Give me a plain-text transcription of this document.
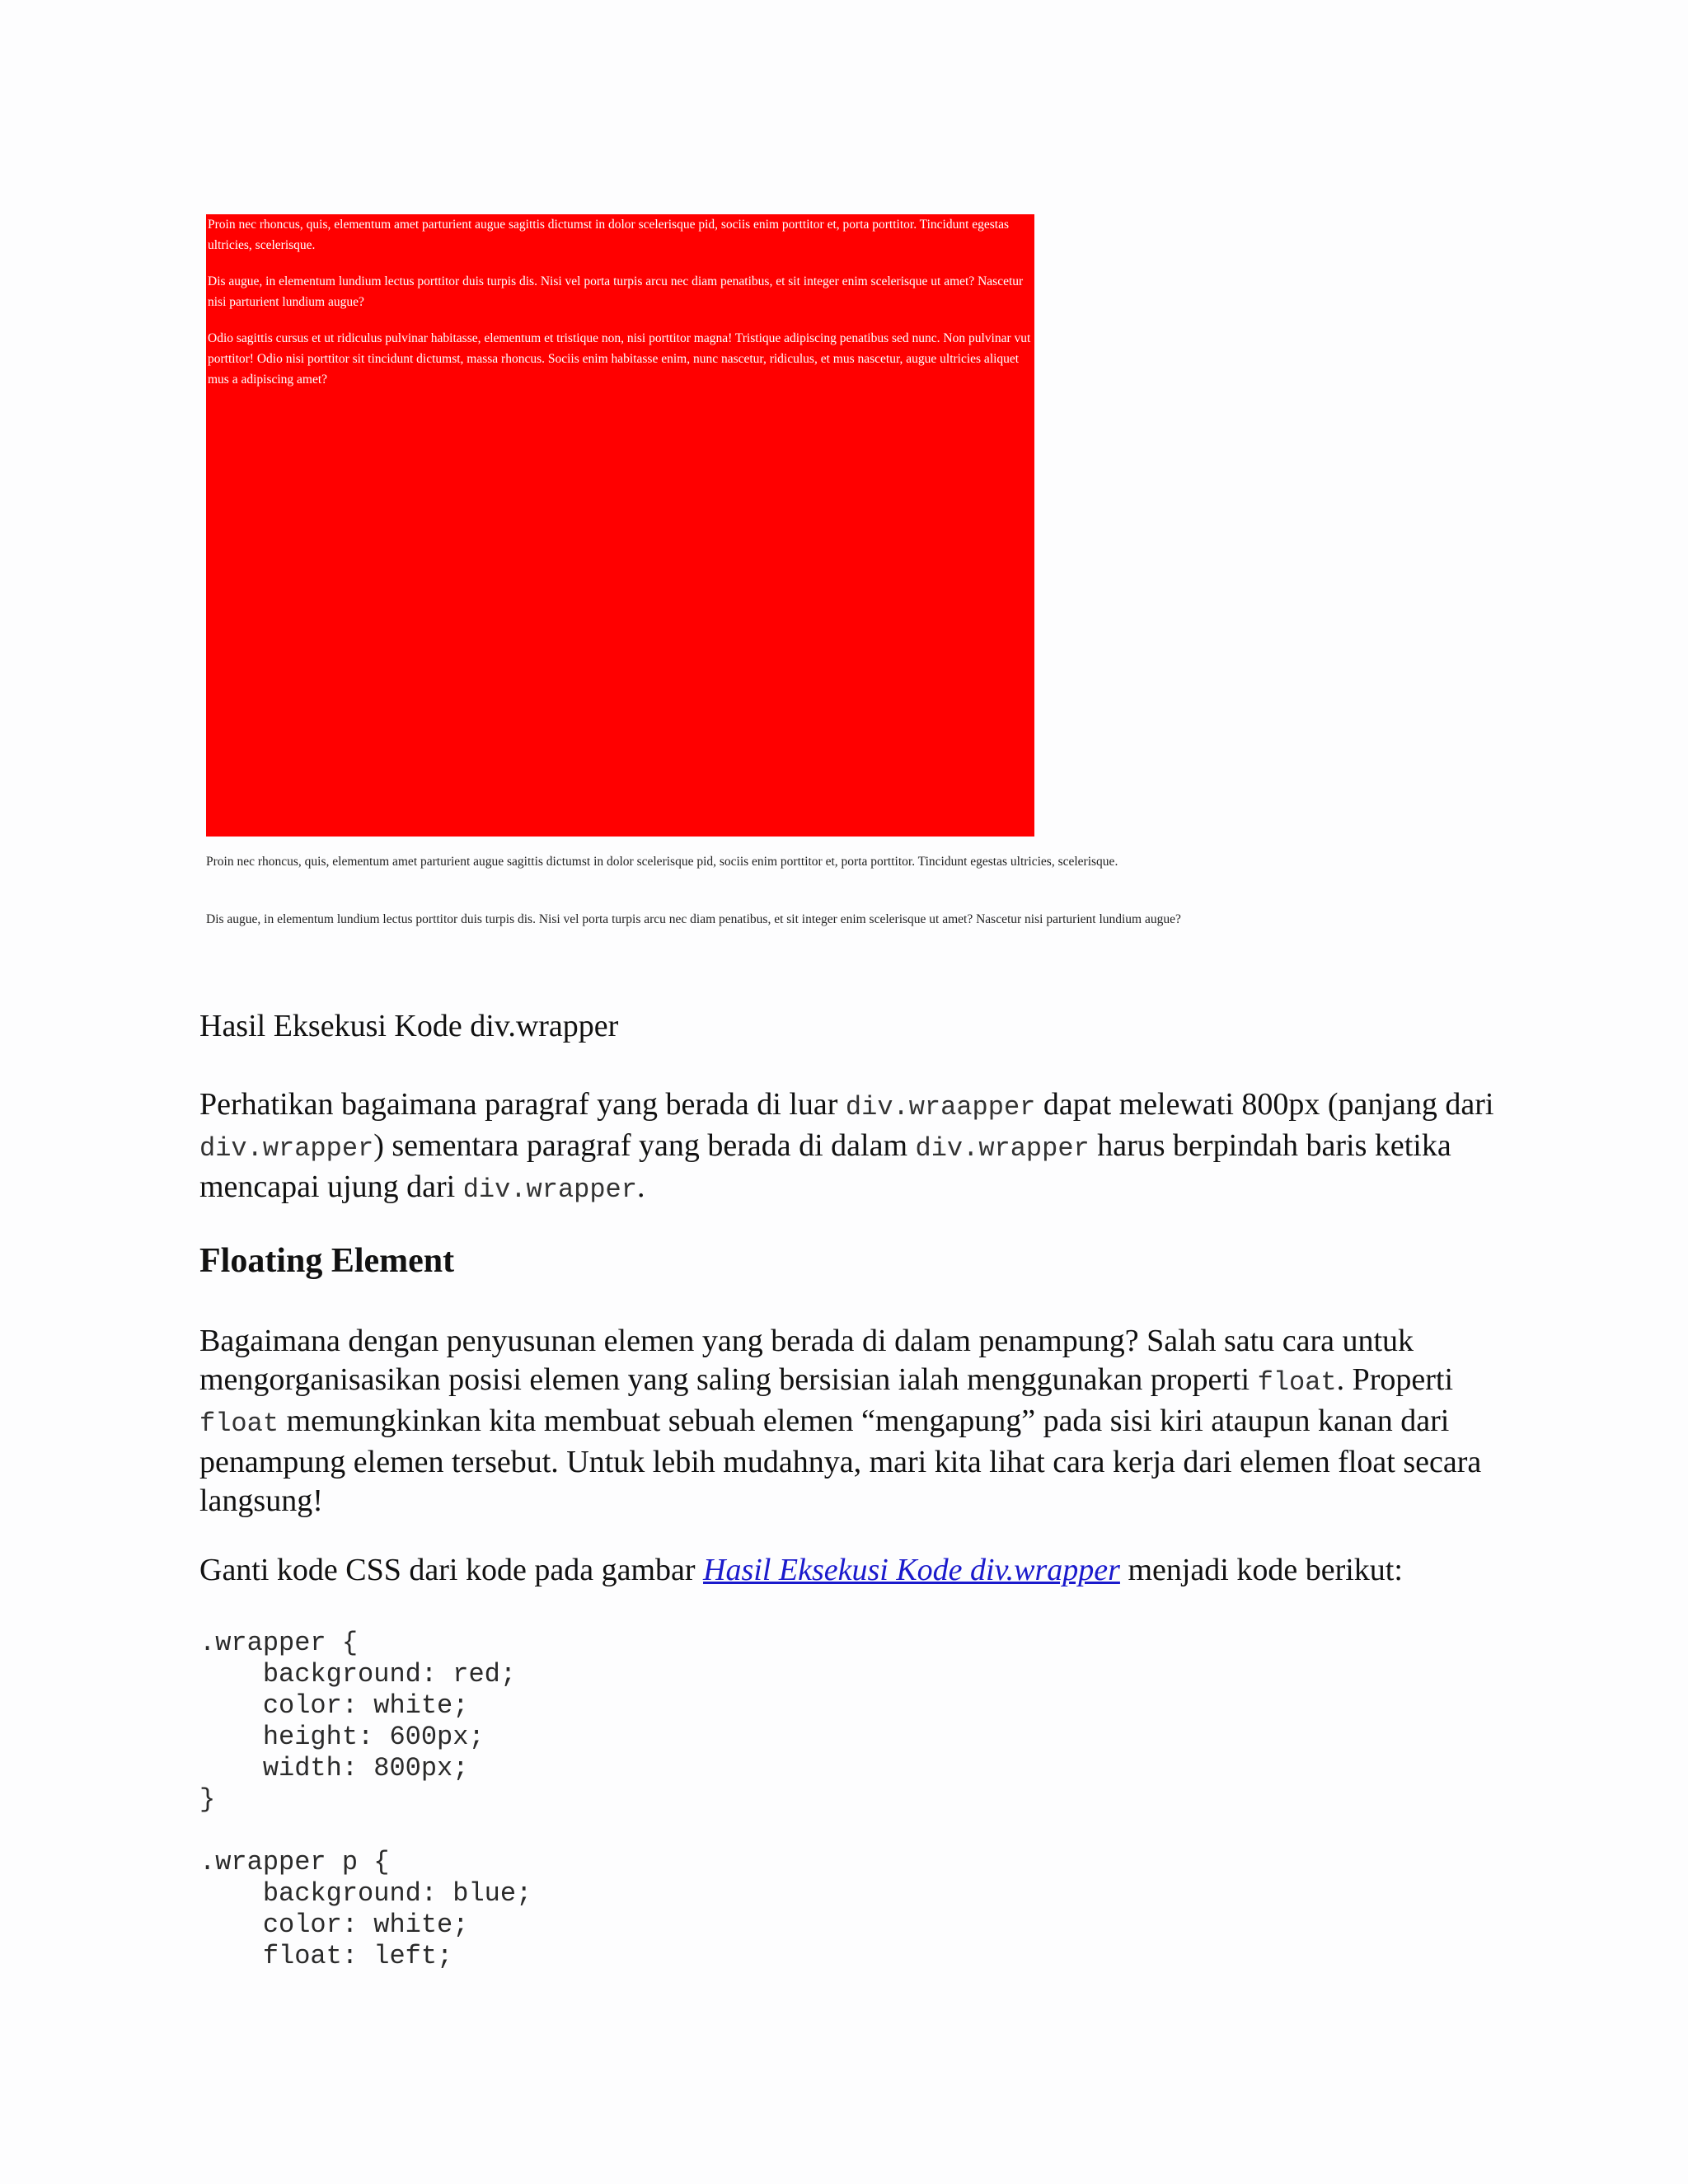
Proin nec rhoncus, quis, elementum amet parturient augue sagittis dictumst in dolor scelerisque pid, sociis enim porttitor et, porta porttitor. Tincidunt egestas ultricies, scelerisque.

Dis augue, in elementum lundium lectus porttitor duis turpis dis. Nisi vel porta turpis arcu nec diam penatibus, et sit integer enim scelerisque ut amet? Nascetur nisi parturient lundium augue?

Odio sagittis cursus et ut ridiculus pulvinar habitasse, elementum et tristique non, nisi porttitor magna! Tristique adipiscing penatibus sed nunc. Non pulvinar vut porttitor! Odio nisi porttitor sit tincidunt dictumst, massa rhoncus. Sociis enim habitasse enim, nunc nascetur, ridiculus, et mus nascetur, augue ultricies aliquet mus a adipiscing amet?

Proin nec rhoncus, quis, elementum amet parturient augue sagittis dictumst in dolor scelerisque pid, sociis enim porttitor et, porta porttitor. Tincidunt egestas ultricies, scelerisque.

Dis augue, in elementum lundium lectus porttitor duis turpis dis. Nisi vel porta turpis arcu nec diam penatibus, et sit integer enim scelerisque ut amet? Nascetur nisi parturient lundium augue?

Hasil Eksekusi Kode div.wrapper

Perhatikan bagaimana paragraf yang berada di luar div.wraapper dapat melewati 800px (panjang dari div.wrapper) sementara paragraf yang berada di dalam div.wrapper harus berpindah baris ketika mencapai ujung dari div.wrapper.

Floating Element

Bagaimana dengan penyusunan elemen yang berada di dalam penampung? Salah satu cara untuk mengorganisasikan posisi elemen yang saling bersisian ialah menggunakan properti float. Properti float memungkinkan kita membuat sebuah elemen “mengapung” pada sisi kiri ataupun kanan dari penampung elemen tersebut. Untuk lebih mudahnya, mari kita lihat cara kerja dari elemen float secara langsung!

Ganti kode CSS dari kode pada gambar Hasil Eksekusi Kode div.wrapper menjadi kode berikut:

.wrapper {
background: red;
color: white;
height: 600px;
width: 800px;
}

.wrapper p {
background: blue;
color: white;
float: left;
